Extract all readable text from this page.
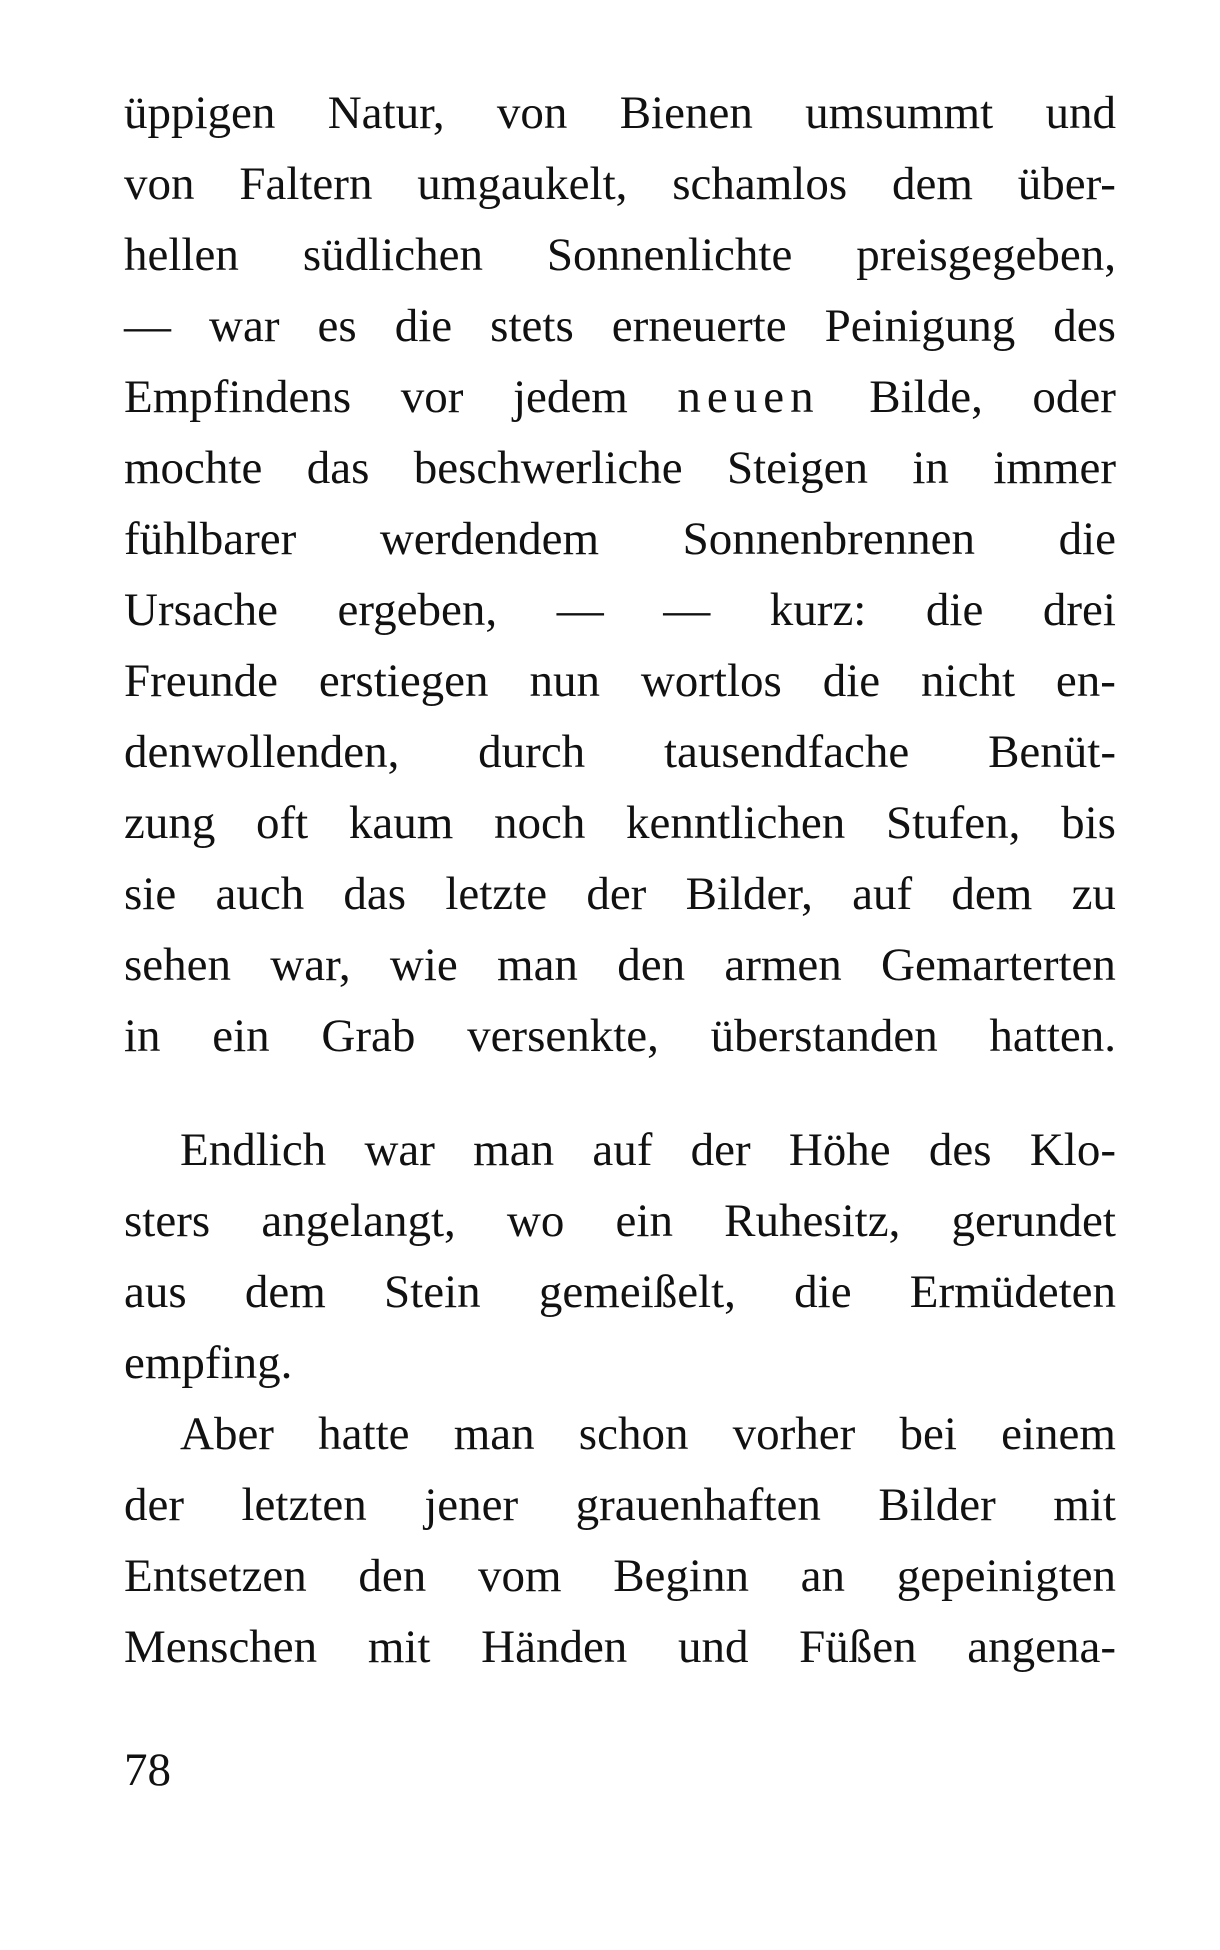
üppigen Natur, von Bienen umsummt und
von Faltern umgaukelt, schamlos dem über-
hellen südlichen Sonnenlichte preisgegeben,
— war es die stets erneuerte Peinigung des
Empfindens vor jedem neuen Bilde, oder
mochte das beschwerliche Steigen in immer
fühlbarer werdendem Sonnenbrennen die
Ursache ergeben, — — kurz: die drei
Freunde erstiegen nun wortlos die nicht en-
denwollenden, durch tausendfache Benüt-
zung oft kaum noch kenntlichen Stufen, bis
sie auch das letzte der Bilder, auf dem zu
sehen war, wie man den armen Gemarterten
in ein Grab versenkte, überstanden hatten.
Endlich war man auf der Höhe des Klo-
sters angelangt, wo ein Ruhesitz, gerundet
aus dem Stein gemeißelt, die Ermüdeten
empfing.
Aber hatte man schon vorher bei einem
der letzten jener grauenhaften Bilder mit
Entsetzen den vom Beginn an gepeinigten
Menschen mit Händen und Füßen angena-
78
